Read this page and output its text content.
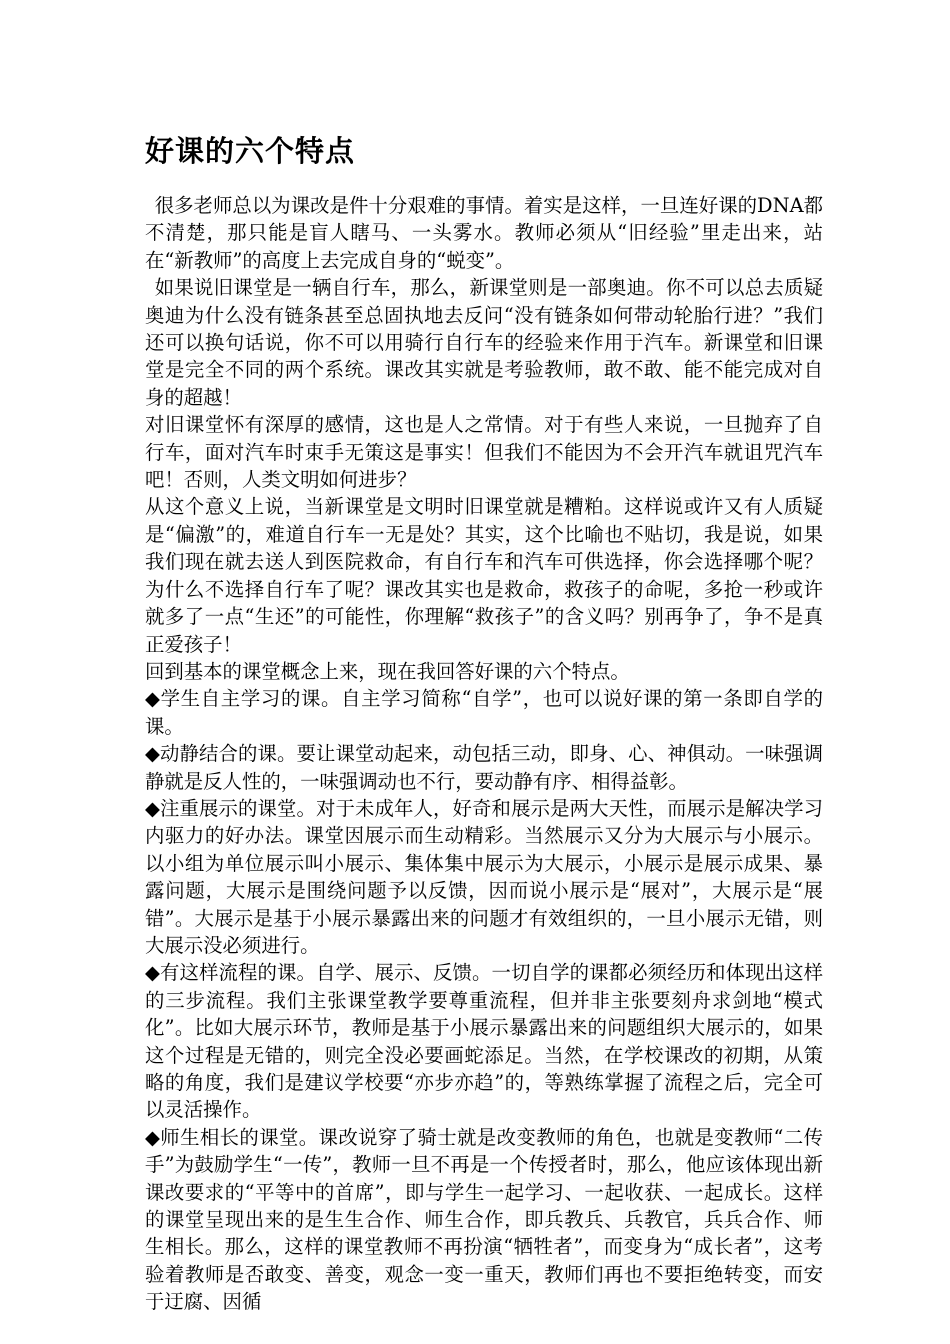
好课的六个特点

很多老师总以为课改是件十分艰难的事情。着实是这样，一旦连好课的DNA都不清楚，那只能是盲人瞎马、一头雾水。教师必须从“旧经验”里走出来，站在“新教师”的高度上去完成自身的“蜕变”。

如果说旧课堂是一辆自行车，那么，新课堂则是一部奥迪。你不可以总去质疑奥迪为什么没有链条甚至总固执地去反问“没有链条如何带动轮胎行进？”我们还可以换句话说，你不可以用骑行自行车的经验来作用于汽车。新课堂和旧课堂是完全不同的两个系统。课改其实就是考验教师，敢不敢、能不能完成对自身的超越！

对旧课堂怀有深厚的感情，这也是人之常情。对于有些人来说，一旦抛弃了自行车，面对汽车时束手无策这是事实！但我们不能因为不会开汽车就诅咒汽车吧！否则，人类文明如何进步？

从这个意义上说，当新课堂是文明时旧课堂就是糟粕。这样说或许又有人质疑是“偏激”的，难道自行车一无是处？其实，这个比喻也不贴切，我是说，如果我们现在就去送人到医院救命，有自行车和汽车可供选择，你会选择哪个呢？为什么不选择自行车了呢？课改其实也是救命，救孩子的命呢，多抢一秒或许就多了一点“生还”的可能性，你理解“救孩子”的含义吗？别再争了，争不是真正爱孩子！

回到基本的课堂概念上来，现在我回答好课的六个特点。

◆学生自主学习的课。自主学习简称“自学”，也可以说好课的第一条即自学的课。

◆动静结合的课。要让课堂动起来，动包括三动，即身、心、神俱动。一味强调静就是反人性的，一味强调动也不行，要动静有序、相得益彰。

◆注重展示的课堂。对于未成年人，好奇和展示是两大天性，而展示是解决学习内驱力的好办法。课堂因展示而生动精彩。当然展示又分为大展示与小展示。以小组为单位展示叫小展示、集体集中展示为大展示，小展示是展示成果、暴露问题，大展示是围绕问题予以反馈，因而说小展示是“展对”，大展示是“展错”。大展示是基于小展示暴露出来的问题才有效组织的，一旦小展示无错，则大展示没必须进行。

◆有这样流程的课。自学、展示、反馈。一切自学的课都必须经历和体现出这样的三步流程。我们主张课堂教学要尊重流程，但并非主张要刻舟求剑地“模式化”。比如大展示环节，教师是基于小展示暴露出来的问题组织大展示的，如果这个过程是无错的，则完全没必要画蛇添足。当然，在学校课改的初期，从策略的角度，我们是建议学校要“亦步亦趋”的，等熟练掌握了流程之后，完全可以灵活操作。

◆师生相长的课堂。课改说穿了骑士就是改变教师的角色，也就是变教师“二传手”为鼓励学生“一传”，教师一旦不再是一个传授者时，那么，他应该体现出新课改要求的“平等中的首席”，即与学生一起学习、一起收获、一起成长。这样的课堂呈现出来的是生生合作、师生合作，即兵教兵、兵教官，兵兵合作、师生相长。那么，这样的课堂教师不再扮演“牺牲者”，而变身为“成长者”，这考验着教师是否敢变、善变，观念一变一重天，教师们再也不要拒绝转变，而安于迂腐、因循
